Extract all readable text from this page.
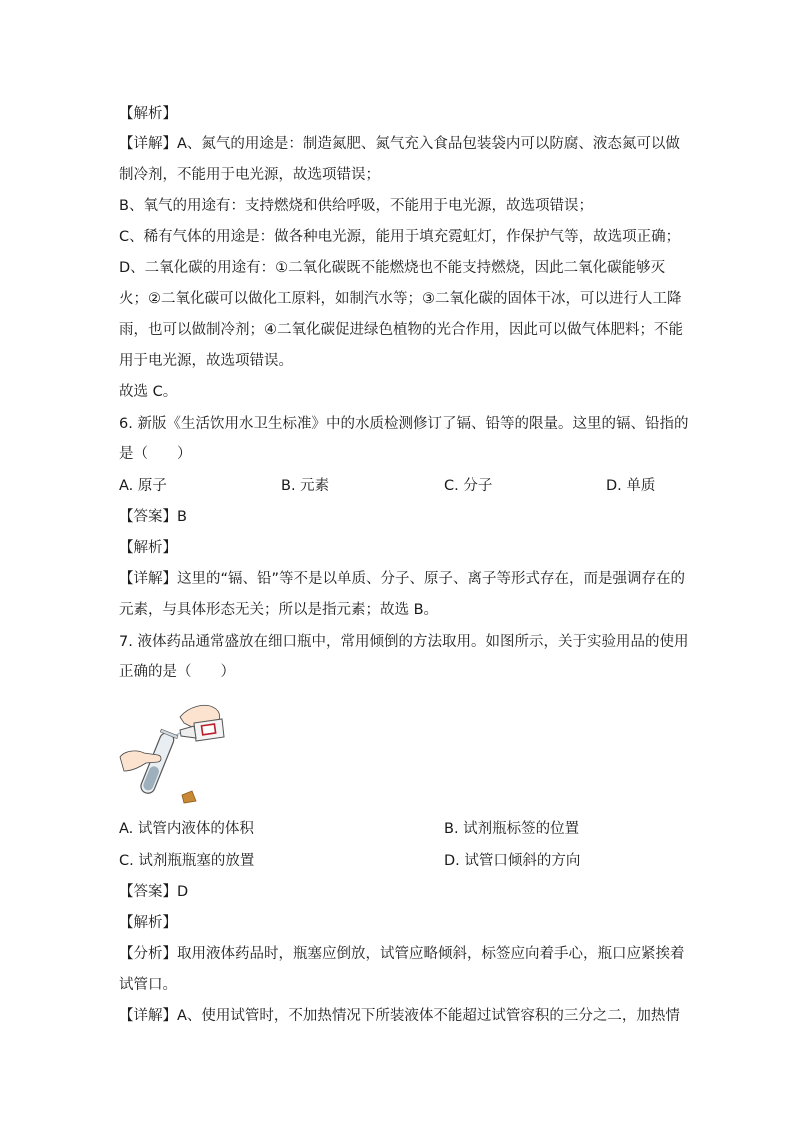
【解析】
【详解】A、氮气的用途是：制造氮肥、氮气充入食品包装袋内可以防腐、液态氮可以做
制冷剂，不能用于电光源，故选项错误；
B、氧气的用途有：支持燃烧和供给呼吸，不能用于电光源，故选项错误；
C、稀有气体的用途是：做各种电光源，能用于填充霓虹灯，作保护气等，故选项正确；
D、二氧化碳的用途有：①二氧化碳既不能燃烧也不能支持燃烧，因此二氧化碳能够灭
火；②二氧化碳可以做化工原料，如制汽水等；③二氧化碳的固体干冰，可以进行人工降
雨，也可以做制冷剂；④二氧化碳促进绿色植物的光合作用，因此可以做气体肥料；不能
用于电光源，故选项错误。
故选 C。
6. 新版《生活饮用水卫生标准》中的水质检测修订了镉、铅等的限量。这里的镉、铅指的
是（　　）
A. 原子	B. 元素	C. 分子	D. 单质
【答案】B
【解析】
【详解】这里的“镉、铅”等不是以单质、分子、原子、离子等形式存在，而是强调存在的
元素，与具体形态无关；所以是指元素；故选 B。
7. 液体药品通常盛放在细口瓶中，常用倾倒的方法取用。如图所示，关于实验用品的使用
正确的是（　　）
A. 试管内液体的体积	B. 试剂瓶标签的位置
C. 试剂瓶瓶塞的放置	D. 试管口倾斜的方向
【答案】D
【解析】
【分析】取用液体药品时，瓶塞应倒放，试管应略倾斜，标签应向着手心，瓶口应紧挨着
试管口。
【详解】A、使用试管时，不加热情况下所装液体不能超过试管容积的三分之二，加热情
